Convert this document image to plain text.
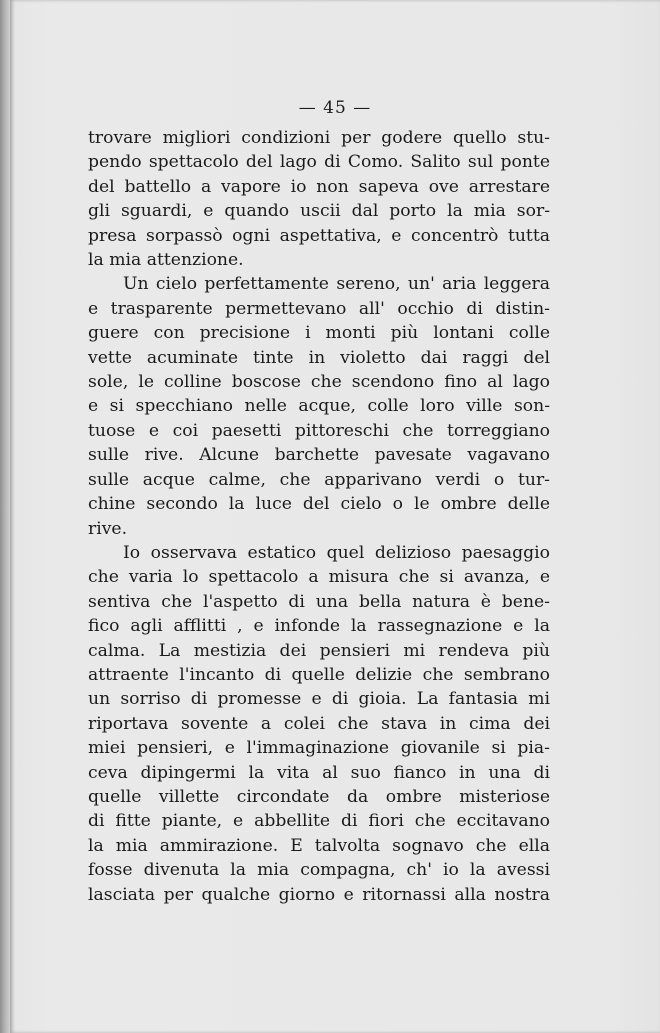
— 45 —
trovare migliori condizioni per godere quello stu-
pendo spettacolo del lago di Como. Salito sul ponte
del battello a vapore io non sapeva ove arrestare
gli sguardi, e quando uscii dal porto la mia sor-
presa sorpassò ogni aspettativa, e concentrò tutta
la mia attenzione.
Un cielo perfettamente sereno, un' aria leggera
e trasparente permettevano all' occhio di distin-
guere con precisione i monti più lontani colle
vette acuminate tinte in violetto dai raggi del
sole, le colline boscose che scendono fino al lago
e si specchiano nelle acque, colle loro ville son-
tuose e coi paesetti pittoreschi che torreggiano
sulle rive. Alcune barchette pavesate vagavano
sulle acque calme, che apparivano verdi o tur-
chine secondo la luce del cielo o le ombre delle
rive.
Io osservava estatico quel delizioso paesaggio
che varia lo spettacolo a misura che si avanza, e
sentiva che l'aspetto di una bella natura è bene-
fico agli afflitti , e infonde la rassegnazione e la
calma. La mestizia dei pensieri mi rendeva più
attraente l'incanto di quelle delizie che sembrano
un sorriso di promesse e di gioia. La fantasia mi
riportava sovente a colei che stava in cima dei
miei pensieri, e l'immaginazione giovanile si pia-
ceva dipingermi la vita al suo fianco in una di
quelle villette circondate da ombre misteriose
di fitte piante, e abbellite di fiori che eccitavano
la mia ammirazione. E talvolta sognavo che ella
fosse divenuta la mia compagna, ch' io la avessi
lasciata per qualche giorno e ritornassi alla nostra
